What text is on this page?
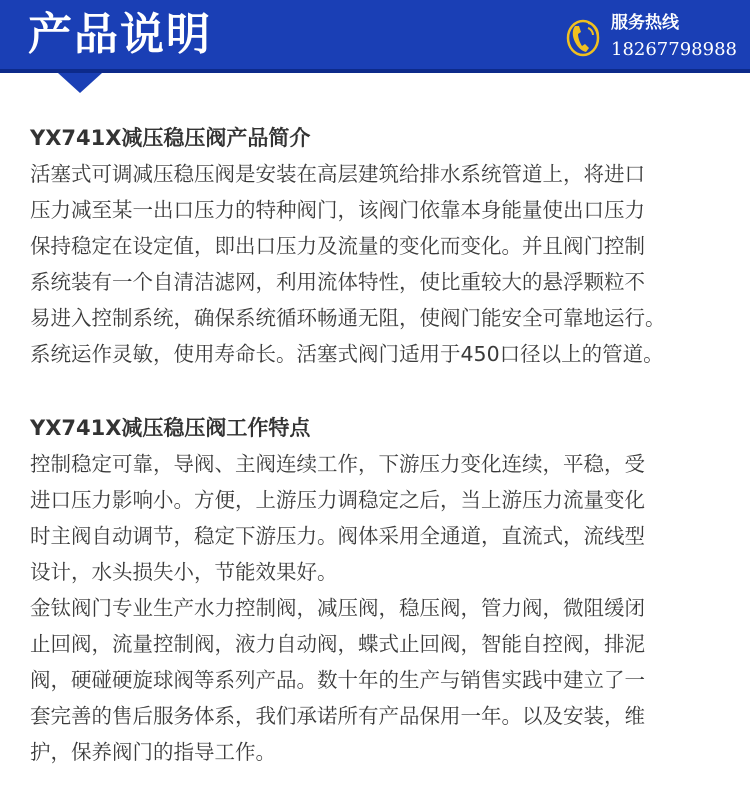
产品说明	服务热线
18267798988
YX741X减压稳压阀产品简介

活塞式可调减压稳压阀是安装在高层建筑给排水系统管道上，将进口
压力减至某一出口压力的特种阀门，该阀门依靠本身能量使出口压力
保持稳定在设定值，即出口压力及流量的变化而变化。并且阀门控制
系统装有一个自清洁滤网，利用流体特性，使比重较大的悬浮颗粒不
易进入控制系统，确保系统循环畅通无阻，使阀门能安全可靠地运行。
系统运作灵敏，使用寿命长。活塞式阀门适用于450口径以上的管道。

YX741X减压稳压阀工作特点

控制稳定可靠，导阀、主阀连续工作，下游压力变化连续，平稳，受
进口压力影响小。方便，上游压力调稳定之后，当上游压力流量变化
时主阀自动调节，稳定下游压力。阀体采用全通道，直流式，流线型
设计，水头损失小，节能效果好。

金钛阀门专业生产水力控制阀，减压阀，稳压阀，管力阀，微阻缓闭
止回阀，流量控制阀，液力自动阀，蝶式止回阀，智能自控阀，排泥
阀，硬碰硬旋球阀等系列产品。数十年的生产与销售实践中建立了一
套完善的售后服务体系，我们承诺所有产品保用一年。以及安装，维
护，保养阀门的指导工作。
